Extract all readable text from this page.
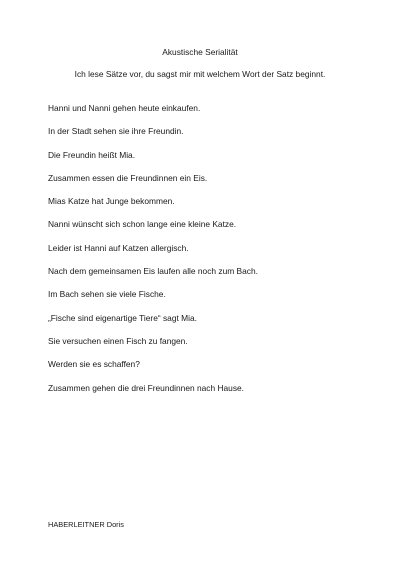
Akustische Serialität
Ich lese Sätze vor, du sagst mir mit welchem Wort der Satz beginnt.
Hanni und Nanni gehen heute einkaufen.
In der Stadt sehen sie ihre Freundin.
Die Freundin heißt Mia.
Zusammen essen die Freundinnen ein Eis.
Mias Katze hat Junge bekommen.
Nanni wünscht sich schon lange eine kleine Katze.
Leider ist Hanni auf Katzen allergisch.
Nach dem gemeinsamen Eis laufen alle noch zum Bach.
Im Bach sehen sie viele Fische.
„Fische sind eigenartige Tiere“ sagt Mia.
Sie versuchen einen Fisch zu fangen.
Werden sie es schaffen?
Zusammen gehen die drei Freundinnen nach Hause.
HABERLEITNER Doris
